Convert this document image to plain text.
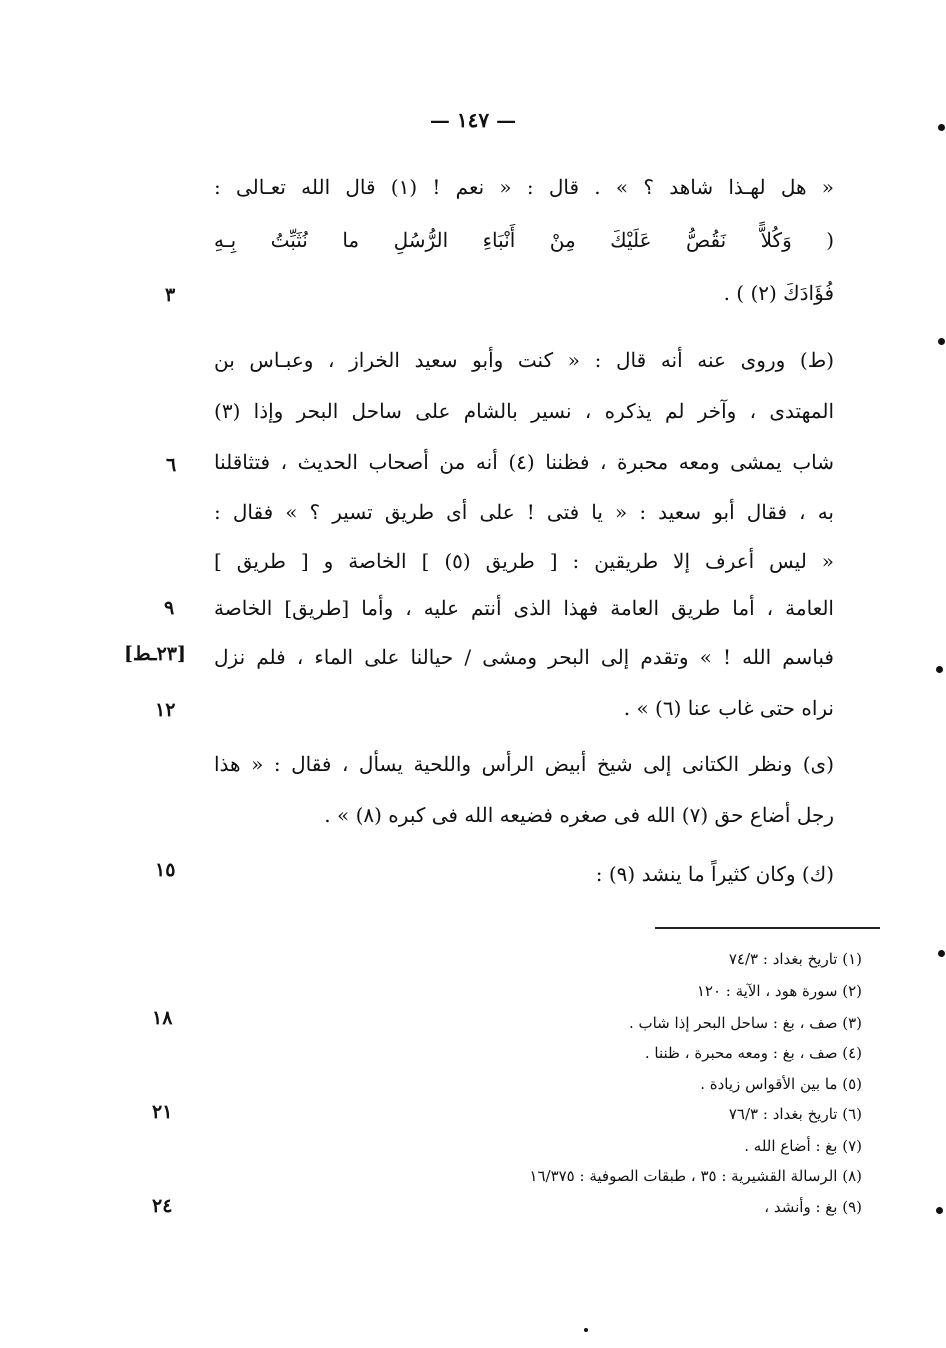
— ١٤٧ —
« هل لهـذا شاهد ؟ » . قال : « نعم ! (١) قال الله تعـالى :
( وَكُلاًّ نَقُصُّ عَلَيْكَ مِنْ أَنْبَاءِ الرُّسُلِ ما نُثَبِّتُ بِـهِ
فُؤَادَكَ (٢) ) .
(ط) وروى عنه أنه قال : « كنت وأبو سعيد الخراز ، وعبـاس بن
المهتدى ، وآخر لم يذكره ، نسير بالشام على ساحل البحر وإذا (٣)
شاب يمشى ومعه محبرة ، فظننا (٤) أنه من أصحاب الحديث ، فتثاقلنا
به ، فقال أبو سعيد : « يا فتى ! على أى طريق تسير ؟ » فقال :
« ليس أعرف إلا طريقين : [ طريق (٥) ] الخاصة و [ طريق ]
العامة ، أما طريق العامة فهذا الذى أنتم عليه ، وأما [طريق] الخاصة
فباسم الله ! » وتقدم إلى البحر ومشى / حيالنا على الماء ، فلم نزل
نراه حتى غاب عنا (٦) » .
(ى) ونظر الكتانى إلى شيخ أبيض الرأس واللحية يسأل ، فقال : « هذا
رجل أضاع حق (٧) الله فى صغره فضيعه الله فى كبره (٨) » .
(ك) وكان كثيراً ما ينشد (٩) :
٣
٦
٩
١٢
١٥
١٨
٢١
٢٤
[٢٣ـط]
(١) تاريخ بغداد : ٧٤/٣
(٢) سورة هود ، الآية : ١٢٠
(٣) صف ، بغ : ساحل البحر إذا شاب .
(٤) صف ، بغ : ومعه محبرة ، ظننا .
(٥) ما بين الأقواس زيادة .
(٦) تاريخ بغداد : ٧٦/٣
(٧) بغ : أضاع الله .
(٨) الرسالة القشيرية : ٣٥ ، طبقات الصوفية : ١٦/٣٧٥
(٩) بغ : وأنشد ،
